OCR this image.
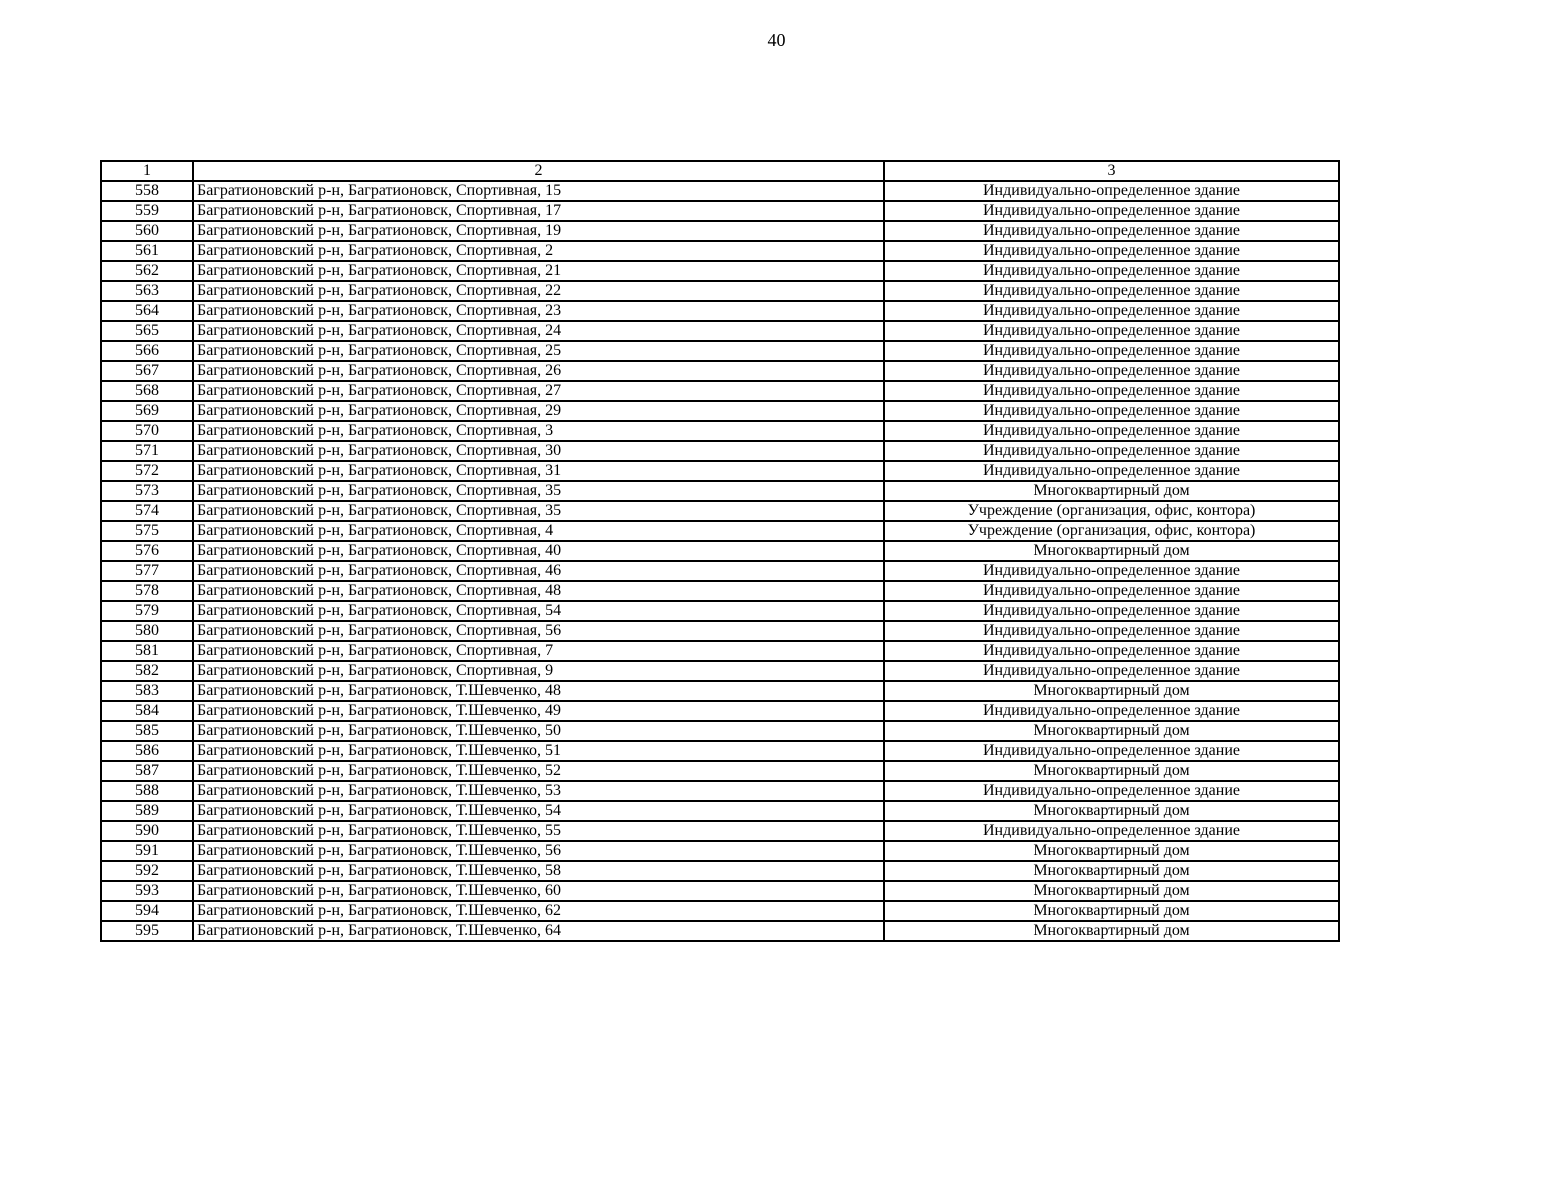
40
1	2	3
558	Багратионовский р-н, Багратионовск, Спортивная, 15	Индивидуально-определенное здание
559	Багратионовский р-н, Багратионовск, Спортивная, 17	Индивидуально-определенное здание
560	Багратионовский р-н, Багратионовск, Спортивная, 19	Индивидуально-определенное здание
561	Багратионовский р-н, Багратионовск, Спортивная, 2	Индивидуально-определенное здание
562	Багратионовский р-н, Багратионовск, Спортивная, 21	Индивидуально-определенное здание
563	Багратионовский р-н, Багратионовск, Спортивная, 22	Индивидуально-определенное здание
564	Багратионовский р-н, Багратионовск, Спортивная, 23	Индивидуально-определенное здание
565	Багратионовский р-н, Багратионовск, Спортивная, 24	Индивидуально-определенное здание
566	Багратионовский р-н, Багратионовск, Спортивная, 25	Индивидуально-определенное здание
567	Багратионовский р-н, Багратионовск, Спортивная, 26	Индивидуально-определенное здание
568	Багратионовский р-н, Багратионовск, Спортивная, 27	Индивидуально-определенное здание
569	Багратионовский р-н, Багратионовск, Спортивная, 29	Индивидуально-определенное здание
570	Багратионовский р-н, Багратионовск, Спортивная, 3	Индивидуально-определенное здание
571	Багратионовский р-н, Багратионовск, Спортивная, 30	Индивидуально-определенное здание
572	Багратионовский р-н, Багратионовск, Спортивная, 31	Индивидуально-определенное здание
573	Багратионовский р-н, Багратионовск, Спортивная, 35	Многоквартирный дом
574	Багратионовский р-н, Багратионовск, Спортивная, 35	Учреждение (организация, офис, контора)
575	Багратионовский р-н, Багратионовск, Спортивная, 4	Учреждение (организация, офис, контора)
576	Багратионовский р-н, Багратионовск, Спортивная, 40	Многоквартирный дом
577	Багратионовский р-н, Багратионовск, Спортивная, 46	Индивидуально-определенное здание
578	Багратионовский р-н, Багратионовск, Спортивная, 48	Индивидуально-определенное здание
579	Багратионовский р-н, Багратионовск, Спортивная, 54	Индивидуально-определенное здание
580	Багратионовский р-н, Багратионовск, Спортивная, 56	Индивидуально-определенное здание
581	Багратионовский р-н, Багратионовск, Спортивная, 7	Индивидуально-определенное здание
582	Багратионовский р-н, Багратионовск, Спортивная, 9	Индивидуально-определенное здание
583	Багратионовский р-н, Багратионовск, Т.Шевченко, 48	Многоквартирный дом
584	Багратионовский р-н, Багратионовск, Т.Шевченко, 49	Индивидуально-определенное здание
585	Багратионовский р-н, Багратионовск, Т.Шевченко, 50	Многоквартирный дом
586	Багратионовский р-н, Багратионовск, Т.Шевченко, 51	Индивидуально-определенное здание
587	Багратионовский р-н, Багратионовск, Т.Шевченко, 52	Многоквартирный дом
588	Багратионовский р-н, Багратионовск, Т.Шевченко, 53	Индивидуально-определенное здание
589	Багратионовский р-н, Багратионовск, Т.Шевченко, 54	Многоквартирный дом
590	Багратионовский р-н, Багратионовск, Т.Шевченко, 55	Индивидуально-определенное здание
591	Багратионовский р-н, Багратионовск, Т.Шевченко, 56	Многоквартирный дом
592	Багратионовский р-н, Багратионовск, Т.Шевченко, 58	Многоквартирный дом
593	Багратионовский р-н, Багратионовск, Т.Шевченко, 60	Многоквартирный дом
594	Багратионовский р-н, Багратионовск, Т.Шевченко, 62	Многоквартирный дом
595	Багратионовский р-н, Багратионовск, Т.Шевченко, 64	Многоквартирный дом
